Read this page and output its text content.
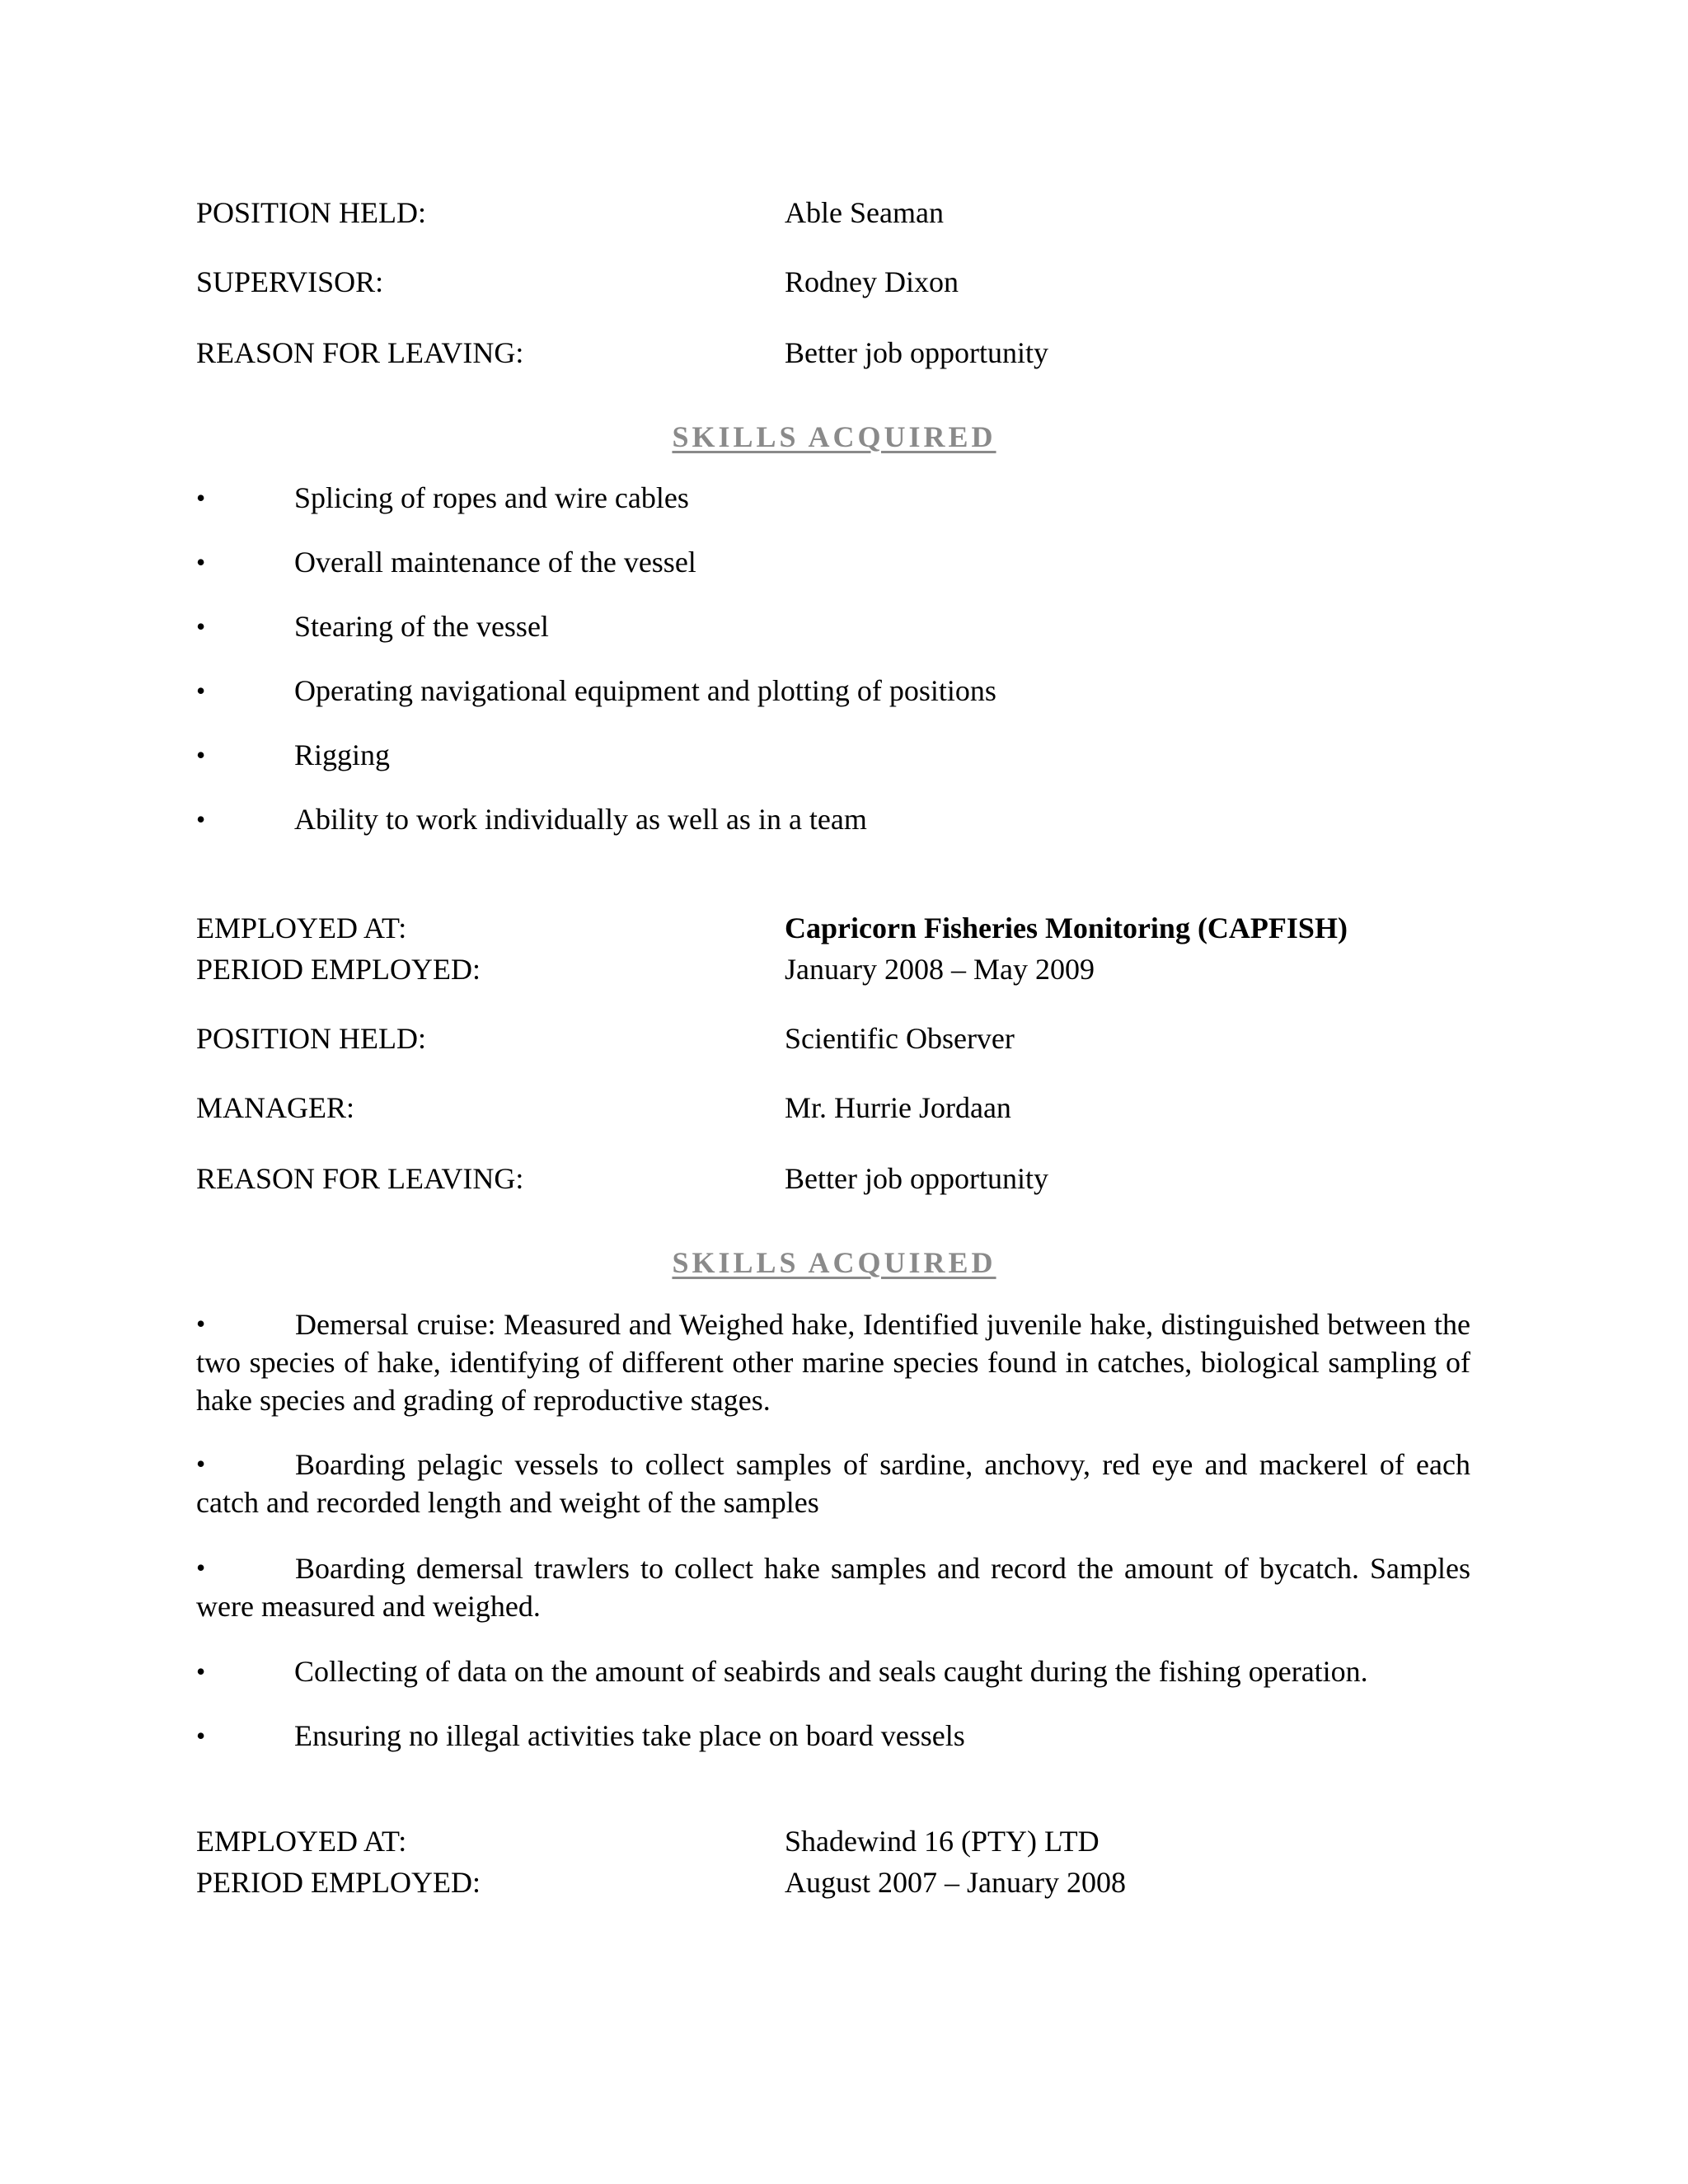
POSITION HELD:	Able Seaman
SUPERVISOR:	Rodney Dixon
REASON FOR LEAVING:	Better job opportunity
SKILLS ACQUIRED
•	Splicing of ropes and wire cables
•	Overall maintenance of the vessel
•	Stearing of the vessel
•	Operating navigational equipment and plotting of positions
•	Rigging
•	Ability to work individually as well as in a team
EMPLOYED AT:	Capricorn Fisheries Monitoring (CAPFISH)
PERIOD EMPLOYED:	January 2008 – May 2009
POSITION HELD:	Scientific Observer
MANAGER:	Mr. Hurrie Jordaan
REASON FOR LEAVING:	Better job opportunity
SKILLS ACQUIRED
•	Demersal cruise: Measured and Weighed hake, Identified juvenile hake, distinguished between the two species of hake, identifying of different other marine species found in catches, biological sampling of hake species and grading of reproductive stages.
•	Boarding pelagic vessels to collect samples of sardine, anchovy, red eye and mackerel of each catch and recorded length and weight of the samples
•	Boarding demersal trawlers to collect hake samples and record the amount of bycatch. Samples were measured and weighed.
•	Collecting of data on the amount of seabirds and seals caught during the fishing operation.
•	Ensuring no illegal activities take place on board vessels
EMPLOYED AT:	Shadewind 16 (PTY) LTD
PERIOD EMPLOYED:	August 2007 – January 2008
